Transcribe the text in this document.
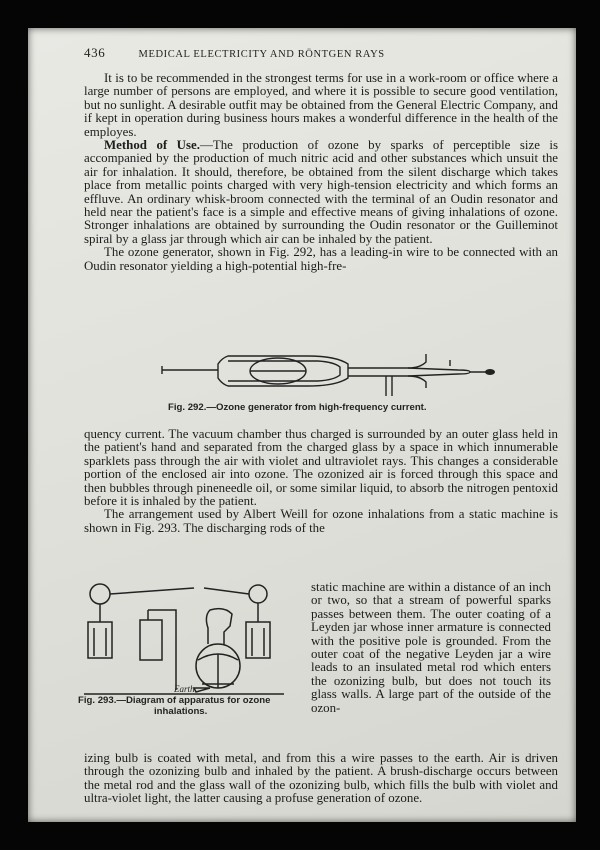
436	MEDICAL ELECTRICITY AND RÖNTGEN RAYS

It is to be recommended in the strongest terms for use in a work-room or office where a large number of persons are employed, and where it is possible to secure good ventilation, but no sunlight. A desirable outfit may be obtained from the General Electric Company, and if kept in operation during business hours makes a wonderful difference in the health of the employes.

Method of Use.—The production of ozone by sparks of perceptible size is accompanied by the production of much nitric acid and other substances which unsuit the air for inhalation. It should, therefore, be obtained from the silent discharge which takes place from metallic points charged with very high-tension electricity and which forms an effluve. An ordinary whisk-broom connected with the terminal of an Oudin resonator and held near the patient's face is a simple and effective means of giving inhalations of ozone. Stronger inhalations are obtained by surrounding the Oudin resonator or the Guilleminot spiral by a glass jar through which air can be inhaled by the patient.

The ozone generator, shown in Fig. 292, has a leading-in wire to be connected with an Oudin resonator yielding a high-potential high-fre-

Fig. 292.—Ozone generator from high-frequency current.

quency current. The vacuum chamber thus charged is surrounded by an outer glass held in the patient's hand and separated from the charged glass by a space in which innumerable sparklets pass through the air with violet and ultraviolet rays. This changes a considerable portion of the enclosed air into ozone. The ozonized air is forced through this space and then bubbles through pineneedle oil, or some similar liquid, to absorb the nitrogen pentoxid before it is inhaled by the patient.

The arrangement used by Albert Weill for ozone inhalations from a static machine is shown in Fig. 293. The discharging rods of the

Earth
Fig. 293.—Diagram of apparatus for ozone
inhalations.
static machine are within a distance of an inch or two, so that a stream of powerful sparks passes between them. The outer coating of a Leyden jar whose inner armature is connected with the positive pole is grounded. From the outer coat of the negative Leyden jar a wire leads to an insulated metal rod which enters the ozonizing bulb, but does not touch its glass walls. A large part of the outside of the ozon-

izing bulb is coated with metal, and from this a wire passes to the earth. Air is driven through the ozonizing bulb and inhaled by the patient. A brush-discharge occurs between the metal rod and the glass wall of the ozonizing bulb, which fills the bulb with violet and ultra-violet light, the latter causing a profuse generation of ozone.
